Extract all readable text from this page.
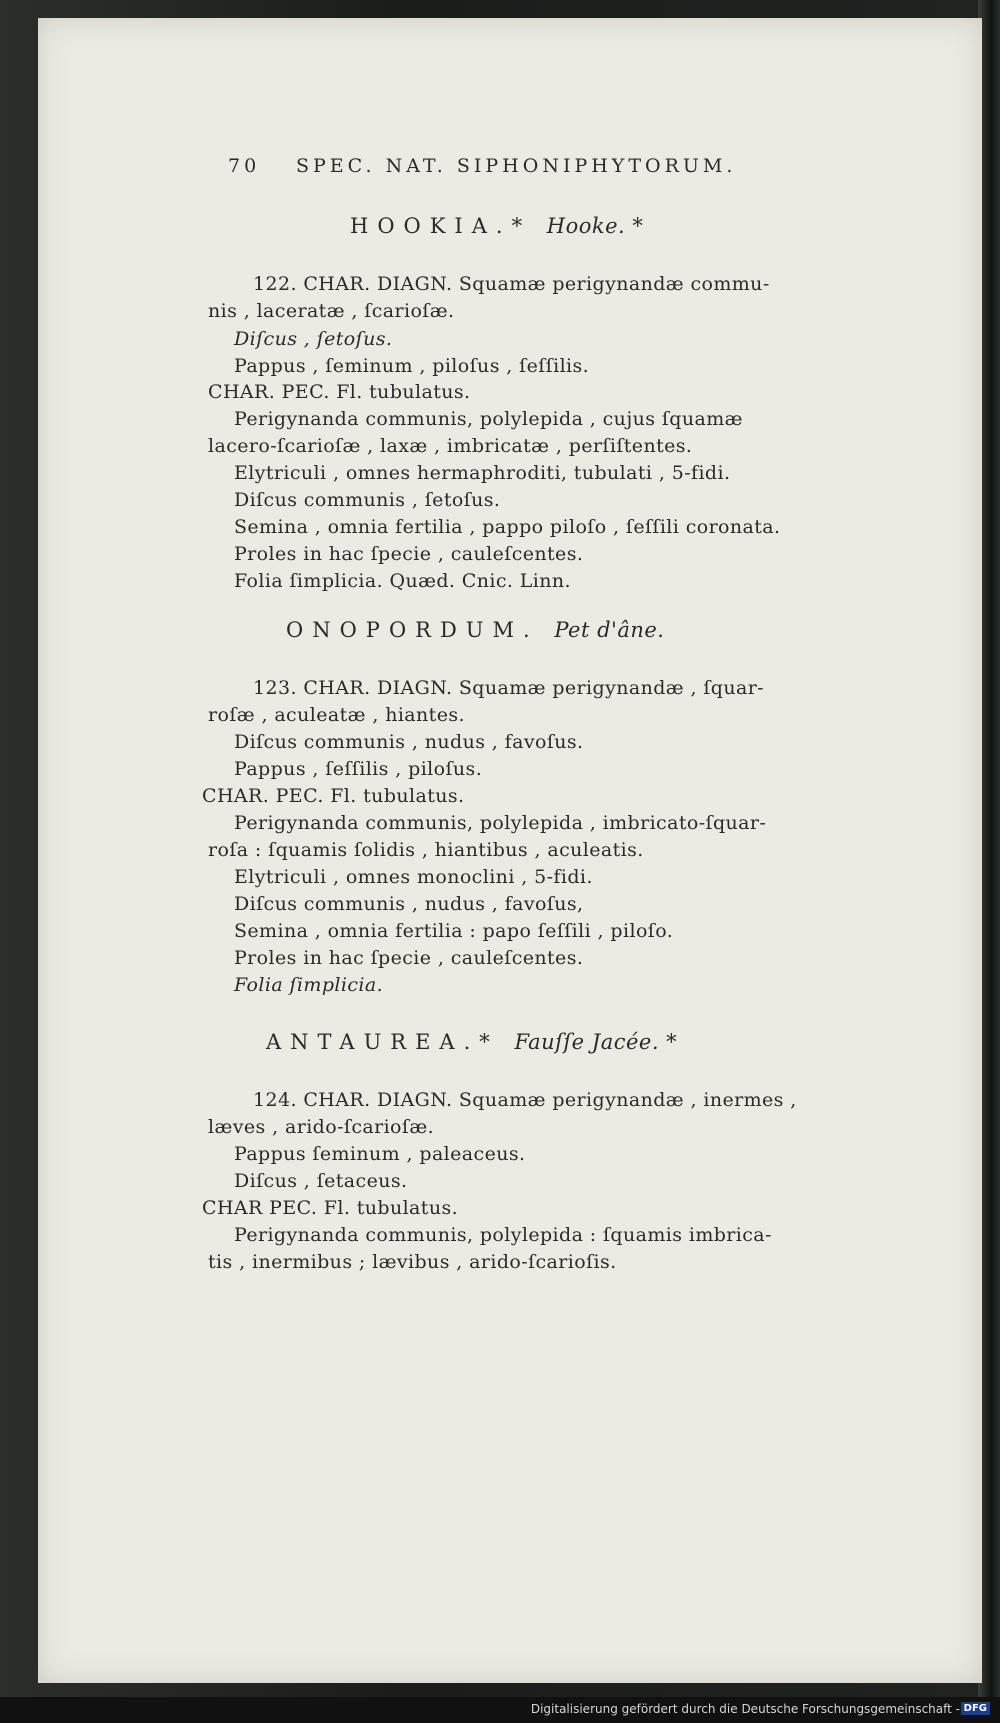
70 SPEC. NAT. SIPHONIPHYTORUM.
HOOKIA.* Hooke. *
122. CHAR. DIAGN. Squamæ perigynandæ commu-
nis , laceratæ , ſcarioſæ.
Diſcus , ſetoſus.
Pappus , ſeminum , piloſus , ſeſſilis.
CHAR. PEC. Fl. tubulatus.
Perigynanda communis, polylepida , cujus ſquamæ
lacero-ſcarioſæ , laxæ , imbricatæ , perſiſtentes.
Elytriculi , omnes hermaphroditi, tubulati , 5-fidi.
Diſcus communis , ſetoſus.
Semina , omnia fertilia , pappo piloſo , ſeſſili coronata.
Proles in hac ſpecie , cauleſcentes.
Folia ſimplicia. Quæd. Cnic. Linn.
ONOPORDUM. Pet d'âne.
123. CHAR. DIAGN. Squamæ perigynandæ , ſquar-
roſæ , aculeatæ , hiantes.
Diſcus communis , nudus , favoſus.
Pappus , ſeſſilis , piloſus.
CHAR. PEC. Fl. tubulatus.
Perigynanda communis, polylepida , imbricato-ſquar-
roſa : ſquamis ſolidis , hiantibus , aculeatis.
Elytriculi , omnes monoclini , 5-fidi.
Diſcus communis , nudus , favoſus,
Semina , omnia fertilia : papo ſeſſili , piloſo.
Proles in hac ſpecie , cauleſcentes.
Folia ſimplicia.
ANTAUREA.* Fauſſe Jacée. *
124. CHAR. DIAGN. Squamæ perigynandæ , inermes ,
læves , arido-ſcarioſæ.
Pappus ſeminum , paleaceus.
Diſcus , ſetaceus.
CHAR PEC. Fl. tubulatus.
Perigynanda communis, polylepida : ſquamis imbrica-
tis , inermibus ; lævibus , arido-ſcarioſis.
Digitalisierung gefördert durch die Deutsche Forschungsgemeinschaft - DFG
